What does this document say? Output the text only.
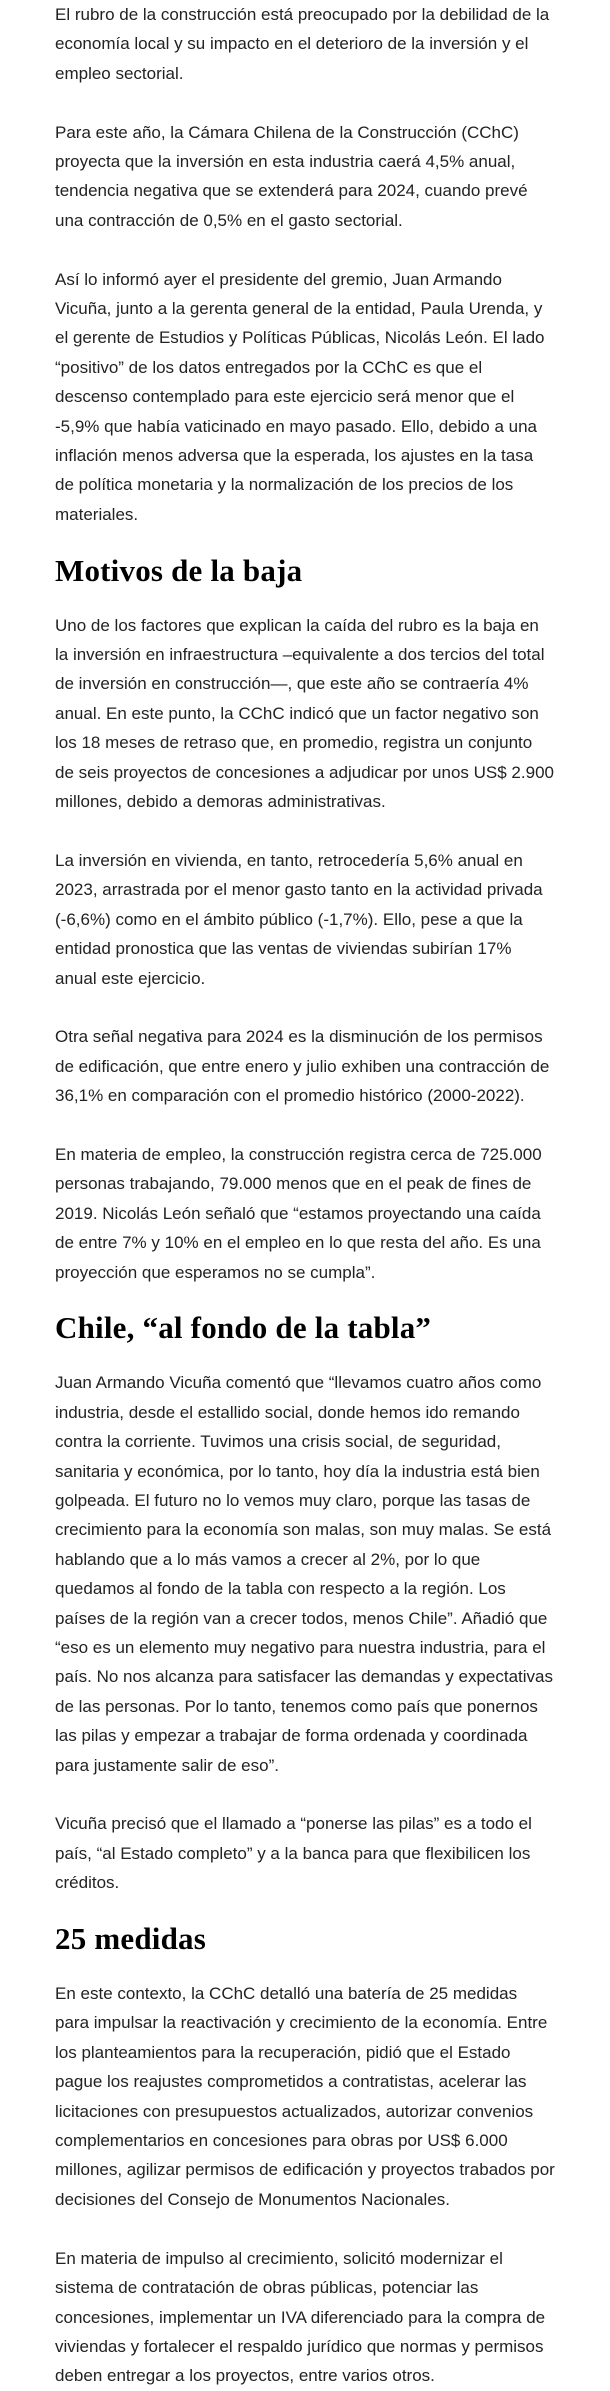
El rubro de la construcción está preocupado por la debilidad de la economía local y su impacto en el deterioro de la inversión y el empleo sectorial.

Para este año, la Cámara Chilena de la Construcción (CChC) proyecta que la inversión en esta industria caerá 4,5% anual, tendencia negativa que se extenderá para 2024, cuando prevé una contracción de 0,5% en el gasto sectorial.

Así lo informó ayer el presidente del gremio, Juan Armando Vicuña, junto a la gerenta general de la entidad, Paula Urenda, y el gerente de Estudios y Políticas Públicas, Nicolás León. El lado “positivo” de los datos entregados por la CChC es que el descenso contemplado para este ejercicio será menor que el -5,9% que había vaticinado en mayo pasado. Ello, debido a una inflación menos adversa que la esperada, los ajustes en la tasa de política monetaria y la normalización de los precios de los materiales.

Motivos de la baja

Uno de los factores que explican la caída del rubro es la baja en la inversión en infraestructura –equivalente a dos tercios del total de inversión en construcción—, que este año se contraería 4% anual. En este punto, la CChC indicó que un factor negativo son los 18 meses de retraso que, en promedio, registra un conjunto de seis proyectos de concesiones a adjudicar por unos US$ 2.900 millones, debido a demoras administrativas.

La inversión en vivienda, en tanto, retrocedería 5,6% anual en 2023, arrastrada por el menor gasto tanto en la actividad privada (-6,6%) como en el ámbito público (-1,7%). Ello, pese a que la entidad pronostica que las ventas de viviendas subirían 17% anual este ejercicio.

Otra señal negativa para 2024 es la disminución de los permisos de edificación, que entre enero y julio exhiben una contracción de 36,1% en comparación con el promedio histórico (2000-2022).

En materia de empleo, la construcción registra cerca de 725.000 personas trabajando, 79.000 menos que en el peak de fines de 2019. Nicolás León señaló que “estamos proyectando una caída de entre 7% y 10% en el empleo en lo que resta del año. Es una proyección que esperamos no se cumpla”.

Chile, “al fondo de la tabla”

Juan Armando Vicuña comentó que “llevamos cuatro años como industria, desde el estallido social, donde hemos ido remando contra la corriente. Tuvimos una crisis social, de seguridad, sanitaria y económica, por lo tanto, hoy día la industria está bien golpeada. El futuro no lo vemos muy claro, porque las tasas de crecimiento para la economía son malas, son muy malas. Se está hablando que a lo más vamos a crecer al 2%, por lo que quedamos al fondo de la tabla con respecto a la región. Los países de la región van a crecer todos, menos Chile”. Añadió que “eso es un elemento muy negativo para nuestra industria, para el país. No nos alcanza para satisfacer las demandas y expectativas de las personas. Por lo tanto, tenemos como país que ponernos las pilas y empezar a trabajar de forma ordenada y coordinada para justamente salir de eso”.

Vicuña precisó que el llamado a “ponerse las pilas” es a todo el país, “al Estado completo” y a la banca para que flexibilicen los créditos.

25 medidas

En este contexto, la CChC detalló una batería de 25 medidas para impulsar la reactivación y crecimiento de la economía. Entre los planteamientos para la recuperación, pidió que el Estado pague los reajustes comprometidos a contratistas, acelerar las licitaciones con presupuestos actualizados, autorizar convenios complementarios en concesiones para obras por US$ 6.000 millones, agilizar permisos de edificación y proyectos trabados por decisiones del Consejo de Monumentos Nacionales.

En materia de impulso al crecimiento, solicitó modernizar el sistema de contratación de obras públicas, potenciar las concesiones, implementar un IVA diferenciado para la compra de viviendas y fortalecer el respaldo jurídico que normas y permisos deben entregar a los proyectos, entre varios otros.
